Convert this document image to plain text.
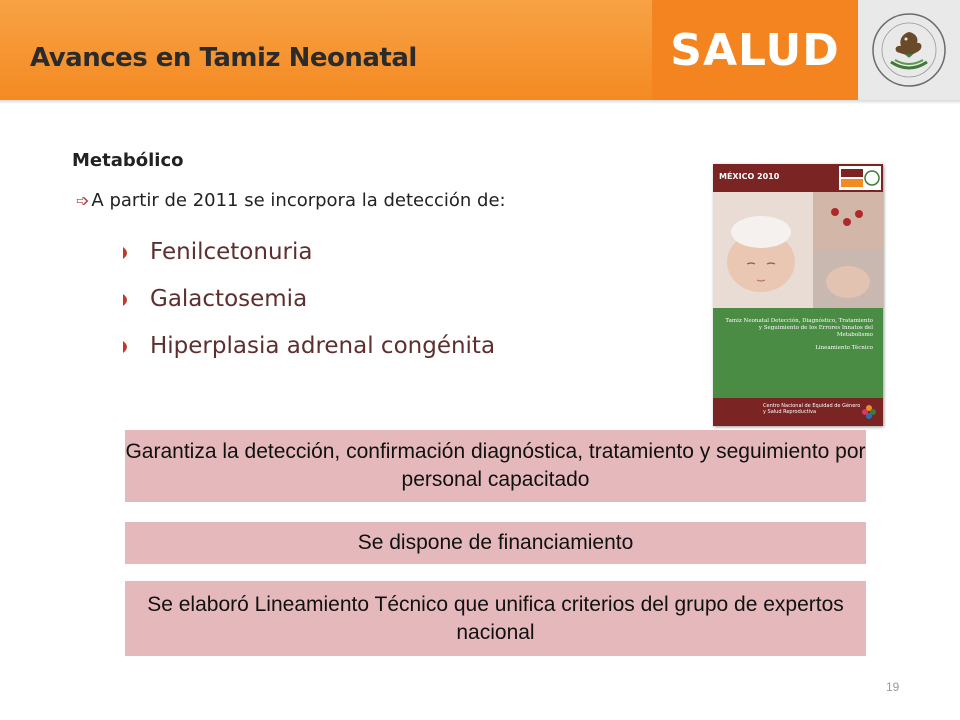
Avances en Tamiz Neonatal	SALUD
Metabólico
➩ A partir de 2011 se incorpora la detección de:
Fenilcetonuria
Galactosemia
Hiperplasia adrenal congénita
MÉXICO 2010
Tamiz Neonatal Detección, Diagnóstico, Tratamiento y Seguimiento de los Errores Innatos del Metabolismo
Lineamiento Técnico
Centro Nacional de Equidad de Género y Salud Reproductiva
Garantiza la detección, confirmación diagnóstica, tratamiento y seguimiento por personal capacitado
Se dispone de financiamiento
Se elaboró Lineamiento Técnico que unifica criterios del grupo de expertos nacional
19
